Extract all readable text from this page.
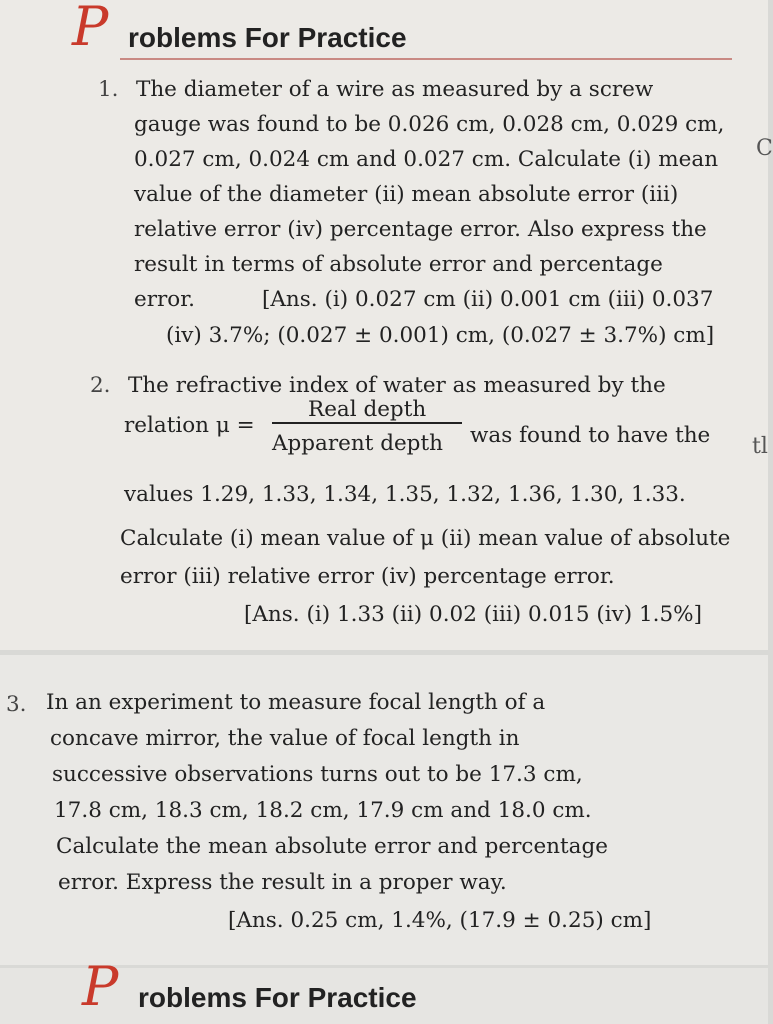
P roblems For Practice
1. The diameter of a wire as measured by a screw
gauge was found to be 0.026 cm, 0.028 cm, 0.029 cm,
0.027 cm, 0.024 cm and 0.027 cm. Calculate (i) mean
value of the diameter (ii) mean absolute error (iii)
relative error (iv) percentage error. Also express the
result in terms of absolute error and percentage
error.	[Ans. (i) 0.027 cm (ii) 0.001 cm (iii) 0.037
(iv) 3.7%; (0.027 ± 0.001) cm, (0.027 ± 3.7%) cm]
2. The refractive index of water as measured by the
relation μ =
Real depth
Apparent depth was found to have the
values 1.29, 1.33, 1.34, 1.35, 1.32, 1.36, 1.30, 1.33.
Calculate (i) mean value of μ (ii) mean value of absolute
error (iii) relative error (iv) percentage error.
[Ans. (i) 1.33 (ii) 0.02 (iii) 0.015 (iv) 1.5%]
C
tl
3. In an experiment to measure focal length of a
concave mirror, the value of focal length in
successive observations turns out to be 17.3 cm,
17.8 cm, 18.3 cm, 18.2 cm, 17.9 cm and 18.0 cm.
Calculate the mean absolute error and percentage
error. Express the result in a proper way.
[Ans. 0.25 cm, 1.4%, (17.9 ± 0.25) cm]
P roblems For Practice
